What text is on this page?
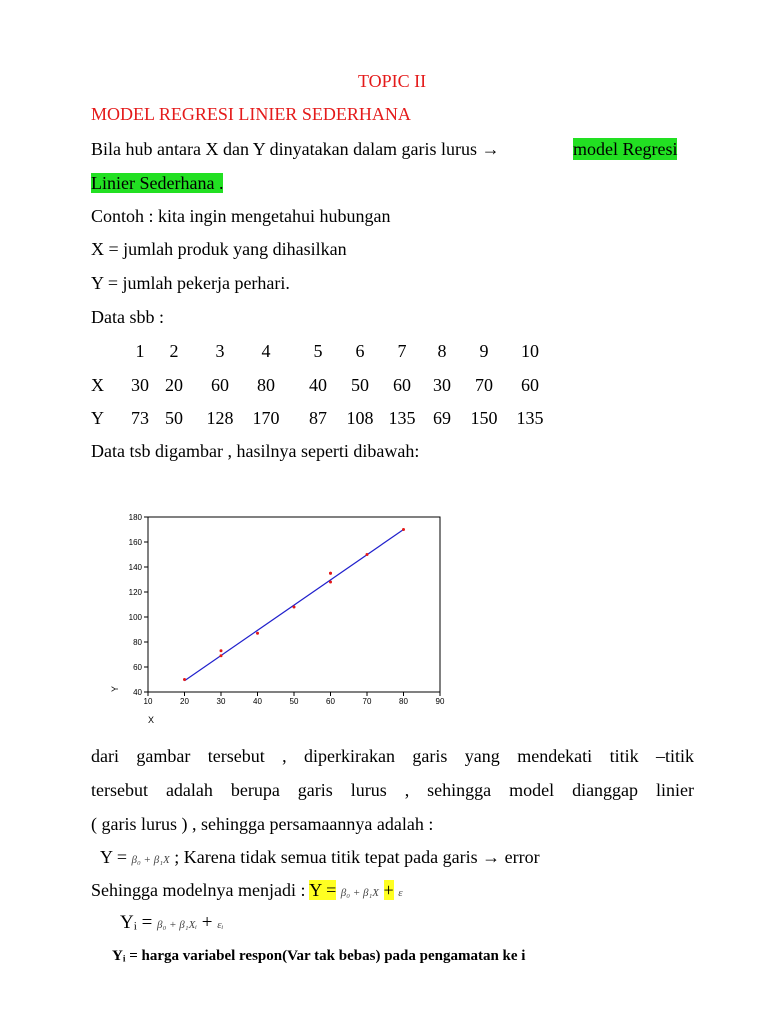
TOPIC II
MODEL REGRESI LINIER SEDERHANA
Bila hub antara X dan Y dinyatakan dalam garis lurus →	model Regresi
Linier Sederhana .
Contoh : kita ingin mengetahui hubungan
X = jumlah produk yang dihasilkan
Y = jumlah pekerja perhari.
Data sbb :
1 2 3 4 5 6 7 8 9 10
X 30 20 60 80 40 50 60 30 70 60
Y 73 50 128 170 87 108 135 69 150 135
Data tsb digambar , hasilnya seperti dibawah:
40
60
80
100
120
140
160
180
10	20	30	40	50	60	70	80	90
Y
X
dari gambar tersebut , diperkirakan garis yang mendekati titik –titik
tersebut adalah berupa garis lurus , sehingga model dianggap linier
( garis lurus ) , sehingga persamaannya adalah :
Y = β₀ + β₁X ; Karena tidak semua titik tepat pada garis → error
Sehingga modelnya menjadi : Y = β₀ + β₁X + ε
Yᵢ = β₀ + β₁Xᵢ + εᵢ
Yᵢ = harga variabel respon(Var tak bebas) pada pengamatan ke i
